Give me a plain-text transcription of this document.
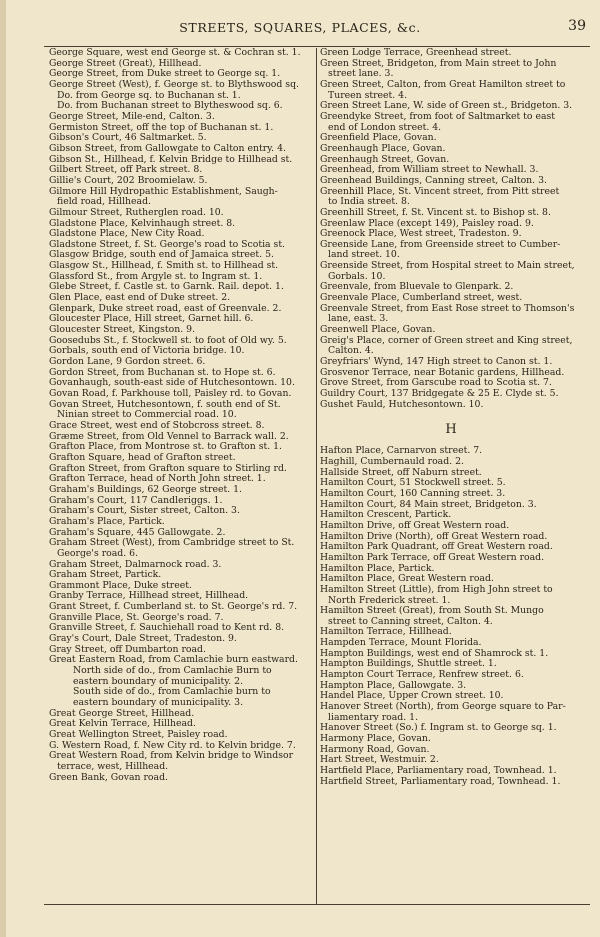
STREETS, SQUARES, PLACES, &c.	39
George Square, west end George st. & Cochran st. 1.
George Street (Great), Hillhead.
George Street, from Duke street to George sq. 1.
George Street (West), f. George st. to Blythswood sq.
Do. from George sq. to Buchanan st. 1.
Do. from Buchanan street to Blytheswood sq. 6.
George Street, Mile-end, Calton. 3.
Germiston Street, off the top of Buchanan st. 1.
Gibson's Court, 46 Saltmarket. 5.
Gibson Street, from Gallowgate to Calton entry. 4.
Gibson St., Hillhead, f. Kelvin Bridge to Hillhead st.
Gilbert Street, off Park street. 8.
Gillie's Court, 202 Broomielaw. 5.
Gilmore Hill Hydropathic Establishment, Saugh-
field road, Hillhead.
Gilmour Street, Rutherglen road. 10.
Gladstone Place, Kelvinhaugh street. 8.
Gladstone Place, New City Road.
Gladstone Street, f. St. George's road to Scotia st.
Glasgow Bridge, south end of Jamaica street. 5.
Glasgow St., Hillhead, f. Smith st. to Hillhead st.
Glassford St., from Argyle st. to Ingram st. 1.
Glebe Street, f. Castle st. to Garnk. Rail. depot. 1.
Glen Place, east end of Duke street. 2.
Glenpark, Duke street road, east of Greenvale. 2.
Gloucester Place, Hill street, Garnet hill. 6.
Gloucester Street, Kingston. 9.
Goosedubs St., f. Stockwell st. to foot of Old wy. 5.
Gorbals, south end of Victoria bridge. 10.
Gordon Lane, 9 Gordon street. 6.
Gordon Street, from Buchanan st. to Hope st. 6.
Govanhaugh, south-east side of Hutchesontown. 10.
Govan Road, f. Parkhouse toll, Paisley rd. to Govan.
Govan Street, Hutchesontown, f. south end of St.
Ninian street to Commercial road. 10.
Grace Street, west end of Stobcross street. 8.
Græme Street, from Old Vennel to Barrack wall. 2.
Grafton Place, from Montrose st. to Grafton st. 1.
Grafton Square, head of Grafton street.
Grafton Street, from Grafton square to Stirling rd.
Grafton Terrace, head of North John street. 1.
Graham's Buildings, 62 George street. 1.
Graham's Court, 117 Candleriggs. 1.
Graham's Court, Sister street, Calton. 3.
Graham's Place, Partick.
Graham's Square, 445 Gallowgate. 2.
Graham Street (West), from Cambridge street to St.
George's road. 6.
Graham Street, Dalmarnock road. 3.
Graham Street, Partick.
Grammont Place, Duke street.
Granby Terrace, Hillhead street, Hillhead.
Grant Street, f. Cumberland st. to St. George's rd. 7.
Granville Place, St. George's road. 7.
Granville Street, f. Sauchiehall road to Kent rd. 8.
Gray's Court, Dale Street, Tradeston. 9.
Gray Street, off Dumbarton road.
Great Eastern Road, from Camlachie burn eastward.
North side of do., from Camlachie Burn to
eastern boundary of municipality. 2.
South side of do., from Camlachie burn to
eastern boundary of municipality. 3.
Great George Street, Hillhead.
Great Kelvin Terrace, Hillhead.
Great Wellington Street, Paisley road.
G. Western Road, f. New City rd. to Kelvin bridge. 7.
Great Western Road, from Kelvin bridge to Windsor
terrace, west, Hillhead.
Green Bank, Govan road.
Green Lodge Terrace, Greenhead street.
Green Street, Bridgeton, from Main street to John
street lane. 3.
Green Street, Calton, from Great Hamilton street to
Tureen street. 4.
Green Street Lane, W. side of Green st., Bridgeton. 3.
Greendyke Street, from foot of Saltmarket to east
end of London street. 4.
Greenfield Place, Govan.
Greenhaugh Place, Govan.
Greenhaugh Street, Govan.
Greenhead, from William street to Newhall. 3.
Greenhead Buildings, Canning street, Calton. 3.
Greenhill Place, St. Vincent street, from Pitt street
to India street. 8.
Greenhill Street, f. St. Vincent st. to Bishop st. 8.
Greenlaw Place (except 149), Paisley road. 9.
Greenock Place, West street, Tradeston. 9.
Greenside Lane, from Greenside street to Cumber-
land street. 10.
Greenside Street, from Hospital street to Main street,
Gorbals. 10.
Greenvale, from Bluevale to Glenpark. 2.
Greenvale Place, Cumberland street, west.
Greenvale Street, from East Rose street to Thomson's
lane, east. 3.
Greenwell Place, Govan.
Greig's Place, corner of Green street and King street,
Calton. 4.
Greyfriars' Wynd, 147 High street to Canon st. 1.
Grosvenor Terrace, near Botanic gardens, Hillhead.
Grove Street, from Garscube road to Scotia st. 7.
Guildry Court, 137 Bridgegate & 25 E. Clyde st. 5.
Gushet Fauld, Hutchesontown. 10.
H
Hafton Place, Carnarvon street. 7.
Haghill, Cumbernauld road. 2.
Hallside Street, off Naburn street.
Hamilton Court, 51 Stockwell street. 5.
Hamilton Court, 160 Canning street. 3.
Hamilton Court, 84 Main street, Bridgeton. 3.
Hamilton Crescent, Partick.
Hamilton Drive, off Great Western road.
Hamilton Drive (North), off Great Western road.
Hamilton Park Quadrant, off Great Western road.
Hamilton Park Terrace, off Great Western road.
Hamilton Place, Partick.
Hamilton Place, Great Western road.
Hamilton Street (Little), from High John street to
North Frederick street. 1.
Hamilton Street (Great), from South St. Mungo
street to Canning street, Calton. 4.
Hamilton Terrace, Hillhead.
Hampden Terrace, Mount Florida.
Hampton Buildings, west end of Shamrock st. 1.
Hampton Buildings, Shuttle street. 1.
Hampton Court Terrace, Renfrew street. 6.
Hampton Place, Gallowgate. 3.
Handel Place, Upper Crown street. 10.
Hanover Street (North), from George square to Par-
liamentary road. 1.
Hanover Street (So.) f. Ingram st. to George sq. 1.
Harmony Place, Govan.
Harmony Road, Govan.
Hart Street, Westmuir. 2.
Hartfield Place, Parliamentary road, Townhead. 1.
Hartfield Street, Parliamentary road, Townhead. 1.
